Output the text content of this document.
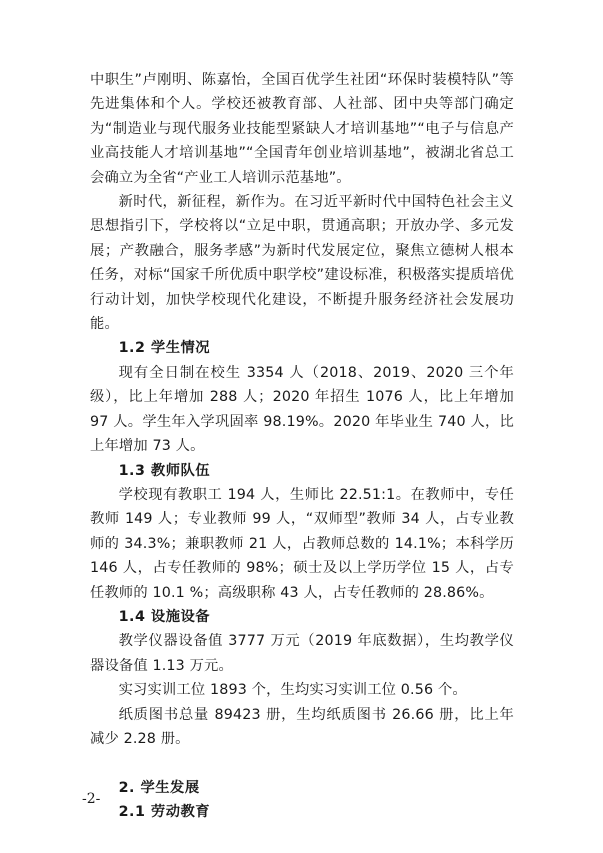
中职生”卢刚明、陈嘉怡，全国百优学生社团“环保时装模特队”等先进集体和个人。学校还被教育部、人社部、团中央等部门确定为“制造业与现代服务业技能型紧缺人才培训基地”“电子与信息产业高技能人才培训基地”“全国青年创业培训基地”，被湖北省总工会确立为全省“产业工人培训示范基地”。

新时代，新征程，新作为。在习近平新时代中国特色社会主义思想指引下，学校将以“立足中职，贯通高职；开放办学、多元发展；产教融合，服务孝感”为新时代发展定位，聚焦立德树人根本任务，对标“国家千所优质中职学校”建设标准，积极落实提质培优行动计划，加快学校现代化建设，不断提升服务经济社会发展功能。

1.2 学生情况

现有全日制在校生 3354 人（2018、2019、2020 三个年级），比上年增加 288 人；2020 年招生 1076 人，比上年增加 97 人。学生年入学巩固率 98.19%。2020 年毕业生 740 人，比上年增加 73 人。

1.3 教师队伍

学校现有教职工 194 人，生师比 22.51:1。在教师中，专任教师 149 人；专业教师 99 人，“双师型”教师 34 人，占专业教师的 34.3%；兼职教师 21 人，占教师总数的 14.1%；本科学历 146 人，占专任教师的 98%；硕士及以上学历学位 15 人，占专任教师的 10.1 %；高级职称 43 人，占专任教师的 28.86%。

1.4 设施设备

教学仪器设备值 3777 万元（2019 年底数据），生均教学仪器设备值 1.13 万元。

实习实训工位 1893 个，生均实习实训工位 0.56 个。

纸质图书总量 89423 册，生均纸质图书 26.66 册，比上年减少 2.28 册。

2. 学生发展

2.1 劳动教育

-2-
